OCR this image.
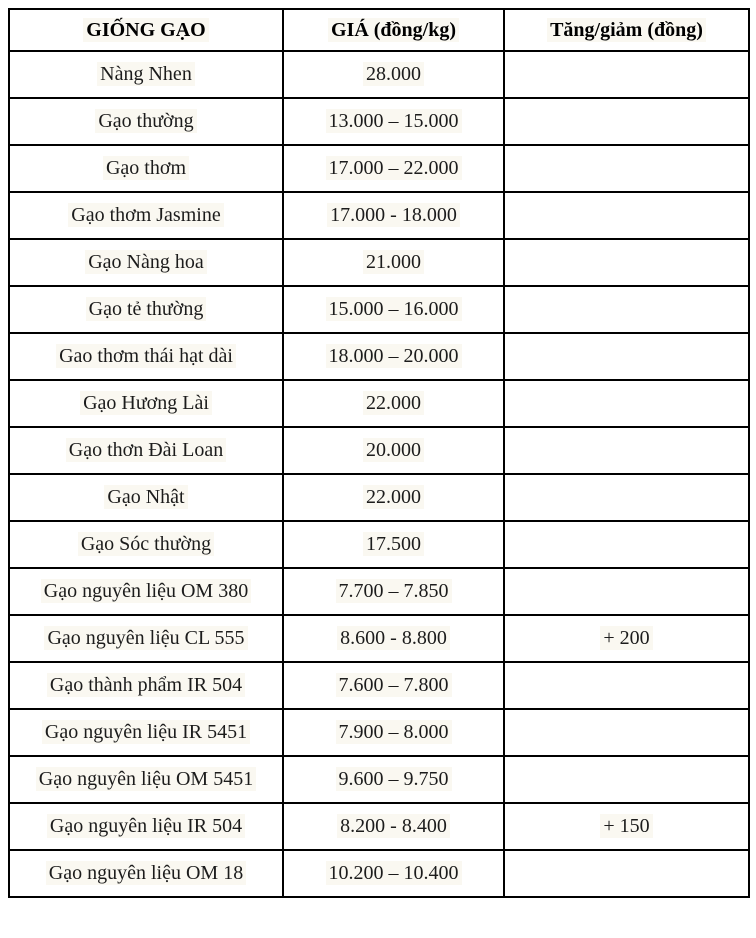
GIỐNG GẠO	GIÁ (đồng/kg)	Tăng/giảm (đồng)
Nàng Nhen	28.000	
Gạo thường	13.000 – 15.000	
Gạo thơm	17.000 – 22.000	
Gạo thơm Jasmine	17.000 - 18.000	
Gạo Nàng hoa	21.000	
Gạo tẻ thường	15.000 – 16.000	
Gao thơm thái hạt dài	18.000 – 20.000	
Gạo Hương Lài	22.000	
Gạo thơn Đài Loan	20.000	
Gạo Nhật	22.000	
Gạo Sóc thường	17.500	
Gạo nguyên liệu OM 380	7.700 – 7.850	
Gạo nguyên liệu CL 555	8.600 - 8.800	+ 200
Gạo thành phẩm IR 504	7.600 – 7.800	
Gạo nguyên liệu IR 5451	7.900 – 8.000	
Gạo nguyên liệu OM 5451	9.600 – 9.750	
Gạo nguyên liệu IR 504	8.200 - 8.400	+ 150
Gạo nguyên liệu OM 18	10.200 – 10.400	
